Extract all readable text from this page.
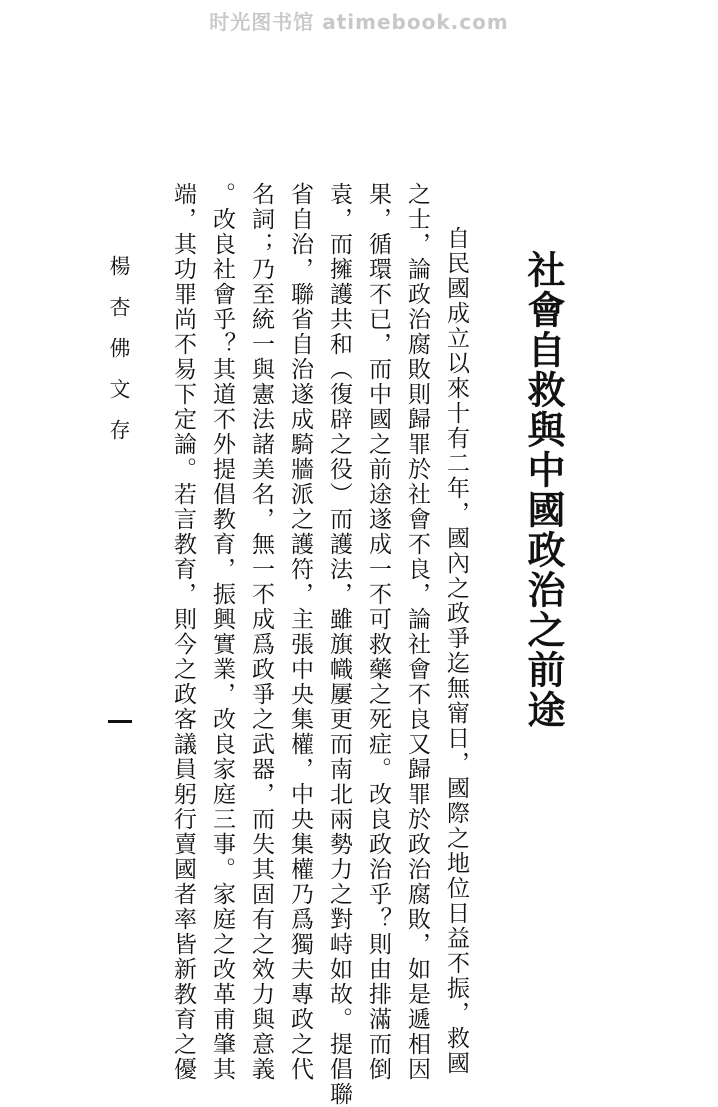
时光图书馆 atimebook.com
社會自救與中國政治之前途
自民國成立以來十有二年，國內之政爭迄無甯日，國際之地位日益不振，救國
之士，論政治腐敗則歸罪於社會不良，論社會不良又歸罪於政治腐敗，如是遞相因
果，循環不已，而中國之前途遂成一不可救藥之死症。改良政治乎？則由排滿而倒
袁，而擁護共和（復辟之役）而護法，雖旗幟屢更而南北兩勢力之對峙如故。提倡聯
省自治，聯省自治遂成騎牆派之護符，主張中央集權，中央集權乃爲獨夫專政之代
名詞；乃至統一與憲法諸美名，無一不成爲政爭之武器，而失其固有之效力與意義
。改良社會乎？其道不外提倡教育，振興實業，改良家庭三事。家庭之改革甫肇其
端，其功罪尚不易下定論。若言教育，則今之政客議員躬行賣國者率皆新教育之優
楊杏佛文存
